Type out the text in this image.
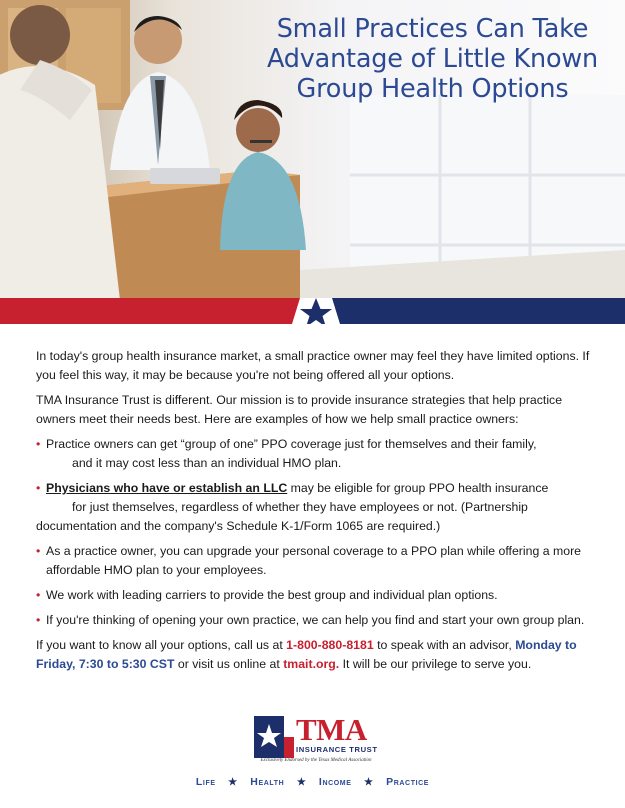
Small Practices Can Take Advantage of Little Known Group Health Options

In today's group health insurance market, a small practice owner may feel they have limited options. If you feel this way, it may be because you're not being offered all your options.

TMA Insurance Trust is different. Our mission is to provide insurance strategies that help practice owners meet their needs best. Here are examples of how we help small practice owners:

• Practice owners can get “group of one” PPO coverage just for themselves and their family,
and it may cost less than an individual HMO plan.
• Physicians who have or establish an LLC may be eligible for group PPO health insurance
for just themselves, regardless of whether they have employees or not. (Partnership
documentation and the company's Schedule K-1/Form 1065 are required.)
• As a practice owner, you can upgrade your personal coverage to a PPO plan while offering a more affordable HMO plan to your employees.
• We work with leading carriers to provide the best group and individual plan options.
• If you're thinking of opening your own practice, we can help you find and start your own group plan.

If you want to know all your options, call us at 1-800-880-8181 to speak with an advisor, Monday to Friday, 7:30 to 5:30 CST or visit us online at tmait.org. It will be our privilege to serve you.

TMA
INSURANCE TRUST
Exclusively Endorsed by the Texas Medical Association
Life ★ Health ★ Income ★ Practice
